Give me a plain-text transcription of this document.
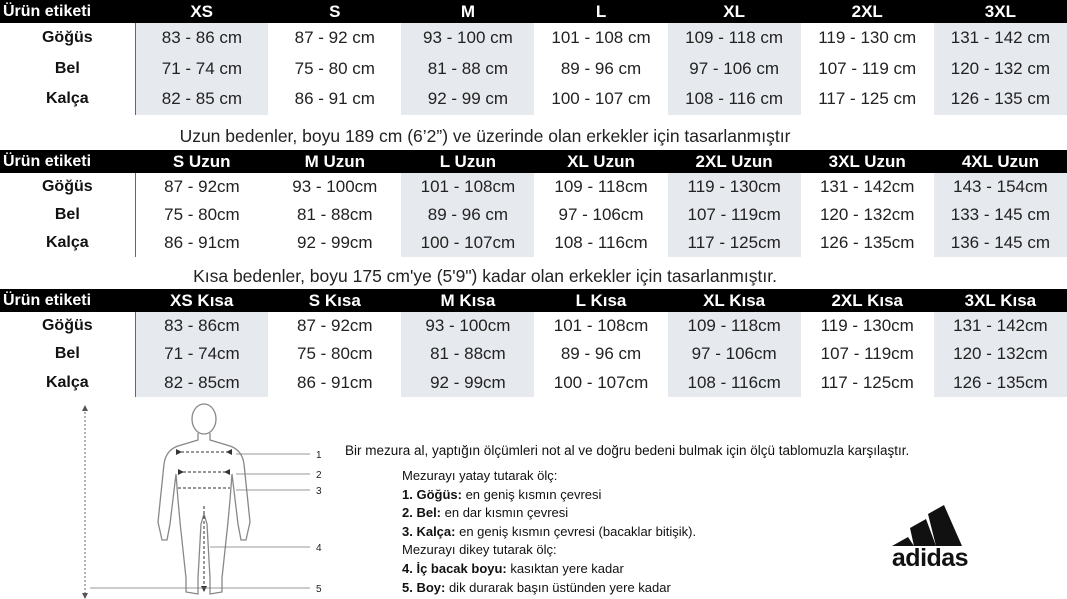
Ürün etiketi	XS	S	M	L	XL	2XL	3XL
Göğüs	83 - 86 cm	87 - 92 cm	93 - 100 cm	101 - 108 cm	109 - 118 cm	119 - 130 cm	131 - 142 cm
Bel	71 - 74 cm	75 - 80 cm	81 - 88 cm	89 - 96 cm	97 - 106 cm	107 - 119 cm	120 - 132 cm
Kalça	82 - 85 cm	86 - 91 cm	92 - 99 cm	100 - 107 cm	108 - 116 cm	117 - 125 cm	126 - 135 cm
Uzun bedenler, boyu 189 cm (6’2”) ve üzerinde olan erkekler için tasarlanmıştır
Ürün etiketi	S Uzun	M Uzun	L Uzun	XL Uzun	2XL Uzun	3XL Uzun	4XL Uzun
Göğüs	87 - 92cm	93 - 100cm	101 - 108cm	109 - 118cm	119 - 130cm	131 - 142cm	143 - 154cm
Bel	75 - 80cm	81 - 88cm	89 - 96 cm	97 - 106cm	107 - 119cm	120 - 132cm	133 - 145 cm
Kalça	86 - 91cm	92 - 99cm	100 - 107cm	108 - 116cm	117 - 125cm	126 - 135cm	136 - 145 cm
Kısa bedenler, boyu 175 cm'ye (5'9") kadar olan erkekler için tasarlanmıştır.
Ürün etiketi	XS Kısa	S Kısa	M Kısa	L Kısa	XL Kısa	2XL Kısa	3XL Kısa
Göğüs	83 - 86cm	87 - 92cm	93 - 100cm	101 - 108cm	109 - 118cm	119 - 130cm	131 - 142cm
Bel	71 - 74cm	75 - 80cm	81 - 88cm	89 - 96 cm	97 - 106cm	107 - 119cm	120 - 132cm
Kalça	82 - 85cm	86 - 91cm	92 - 99cm	100 - 107cm	108 - 116cm	117 - 125cm	126 - 135cm
1
2
3
4
5
Bir mezura al, yaptığın ölçümleri not al ve doğru bedeni bulmak için ölçü tablomuzla karşılaştır.
Mezurayı yatay tutarak ölç:
1. Göğüs: en geniş kısmın çevresi
2. Bel: en dar kısmın çevresi
3. Kalça: en geniş kısmın çevresi (bacaklar bitişik).
Mezurayı dikey tutarak ölç:
4. İç bacak boyu: kasıktan yere kadar
5. Boy: dik durarak başın üstünden yere kadar
adidas
